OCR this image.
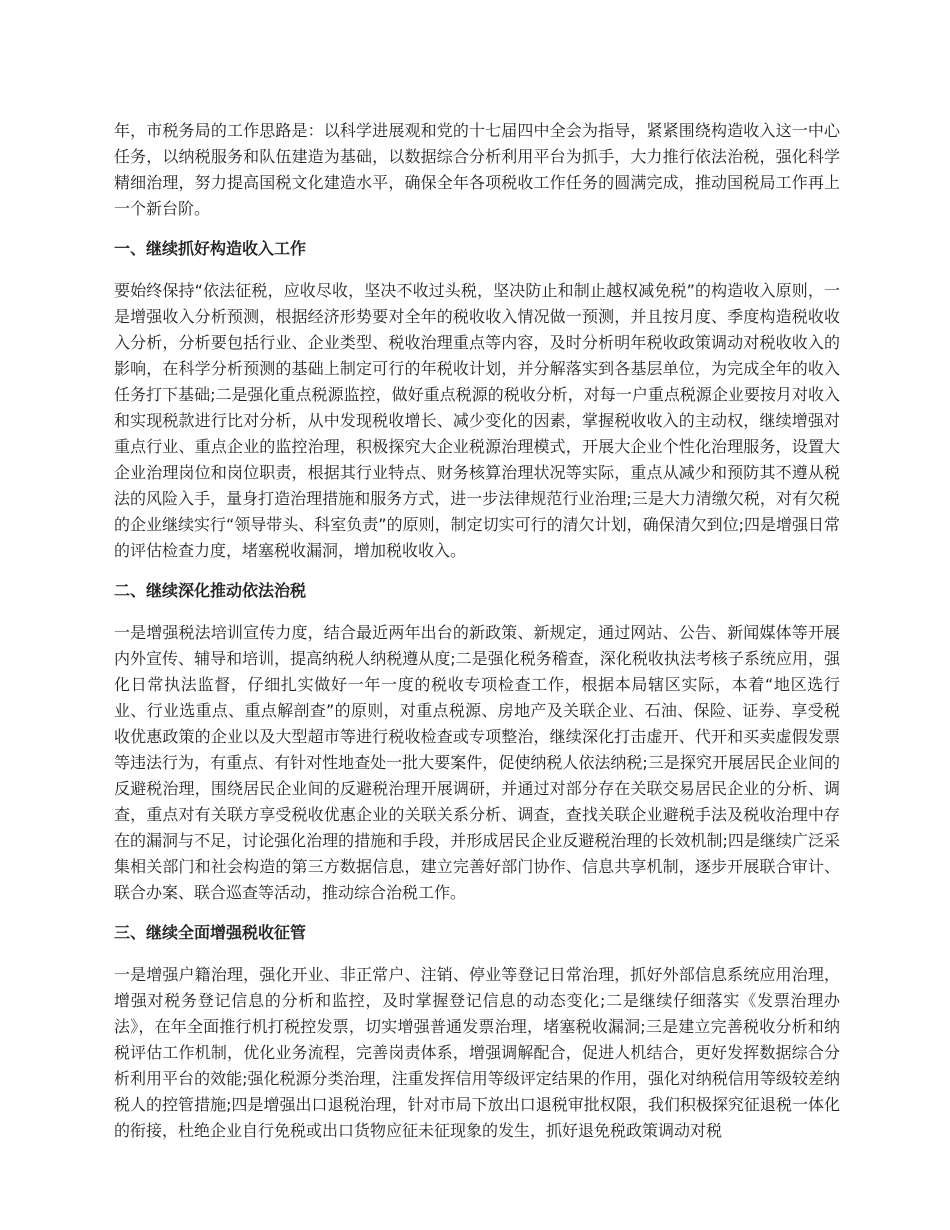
年，市税务局的工作思路是：以科学进展观和党的十七届四中全会为指导，紧紧围绕构造收入这一中心任务，以纳税服务和队伍建造为基础，以数据综合分析利用平台为抓手，大力推行依法治税，强化科学精细治理，努力提高国税文化建造水平，确保全年各项税收工作任务的圆满完成，推动国税局工作再上一个新台阶。

一、继续抓好构造收入工作

要始终保持“依法征税，应收尽收，坚决不收过头税，坚决防止和制止越权减免税”的构造收入原则，一是增强收入分析预测，根据经济形势要对全年的税收收入情况做一预测，并且按月度、季度构造税收收入分析，分析要包括行业、企业类型、税收治理重点等内容，及时分析明年税收政策调动对税收收入的影响，在科学分析预测的基础上制定可行的年税收计划，并分解落实到各基层单位，为完成全年的收入任务打下基础;二是强化重点税源监控，做好重点税源的税收分析，对每一户重点税源企业要按月对收入和实现税款进行比对分析，从中发现税收增长、减少变化的因素，掌握税收收入的主动权，继续增强对重点行业、重点企业的监控治理，积极探究大企业税源治理模式，开展大企业个性化治理服务，设置大企业治理岗位和岗位职责，根据其行业特点、财务核算治理状况等实际，重点从减少和预防其不遵从税法的风险入手，量身打造治理措施和服务方式，进一步法律规范行业治理;三是大力清缴欠税，对有欠税的企业继续实行“领导带头、科室负责”的原则，制定切实可行的清欠计划，确保清欠到位;四是增强日常的评估检查力度，堵塞税收漏洞，增加税收收入。

二、继续深化推动依法治税

一是增强税法培训宣传力度，结合最近两年出台的新政策、新规定，通过网站、公告、新闻媒体等开展内外宣传、辅导和培训，提高纳税人纳税遵从度;二是强化税务稽查，深化税收执法考核子系统应用，强化日常执法监督，仔细扎实做好一年一度的税收专项检查工作，根据本局辖区实际，本着“地区选行业、行业选重点、重点解剖查”的原则，对重点税源、房地产及关联企业、石油、保险、证券、享受税收优惠政策的企业以及大型超市等进行税收检查或专项整治，继续深化打击虚开、代开和买卖虚假发票等违法行为，有重点、有针对性地查处一批大要案件，促使纳税人依法纳税;三是探究开展居民企业间的反避税治理，围绕居民企业间的反避税治理开展调研，并通过对部分存在关联交易居民企业的分析、调查，重点对有关联方享受税收优惠企业的关联关系分析、调查，查找关联企业避税手法及税收治理中存在的漏洞与不足，讨论强化治理的措施和手段，并形成居民企业反避税治理的长效机制;四是继续广泛采集相关部门和社会构造的第三方数据信息，建立完善好部门协作、信息共享机制，逐步开展联合审计、联合办案、联合巡查等活动，推动综合治税工作。

三、继续全面增强税收征管

一是增强户籍治理，强化开业、非正常户、注销、停业等登记日常治理，抓好外部信息系统应用治理，增强对税务登记信息的分析和监控，及时掌握登记信息的动态变化;二是继续仔细落实《发票治理办法》，在年全面推行机打税控发票，切实增强普通发票治理，堵塞税收漏洞;三是建立完善税收分析和纳税评估工作机制，优化业务流程，完善岗责体系，增强调解配合，促进人机结合，更好发挥数据综合分析利用平台的效能;强化税源分类治理，注重发挥信用等级评定结果的作用，强化对纳税信用等级较差纳税人的控管措施;四是增强出口退税治理，针对市局下放出口退税审批权限，我们积极探究征退税一体化的衔接，杜绝企业自行免税或出口货物应征未征现象的发生，抓好退免税政策调动对税
